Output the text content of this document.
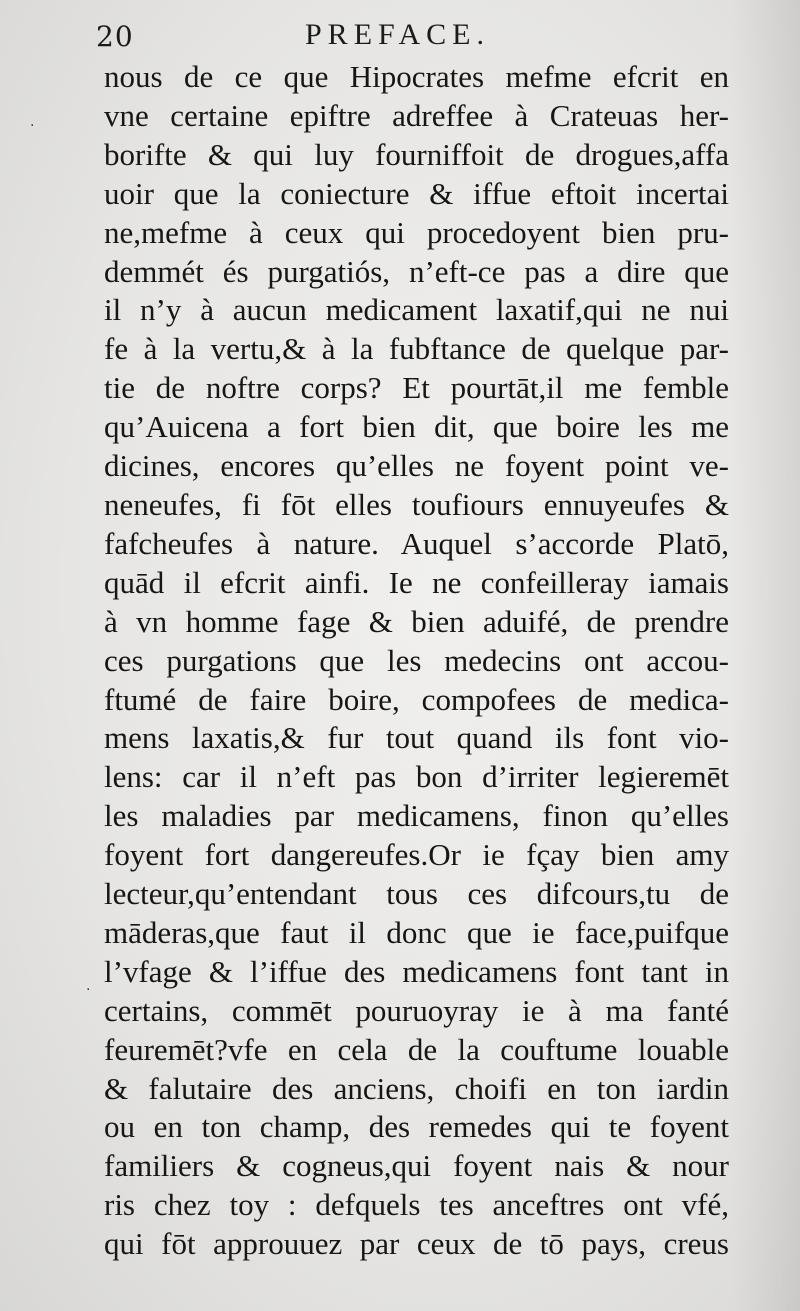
20	PREFACE.
·
·
nous de ce que Hipocrates mefme efcrit en
vne certaine epiftre adreffee à Crateuas her-
borifte & qui luy fourniffoit de drogues,affa
uoir que la coniecture & iffue eftoit incertai
ne,mefme à ceux qui procedoyent bien pru-
demmét és purgatiós, n’eft-ce pas a dire que
il n’y à aucun medicament laxatif,qui ne nui
fe à la vertu,& à la fubftance de quelque par-
tie de noftre corps? Et pourtāt,il me femble
qu’Auicena a fort bien dit, que boire les me
dicines, encores qu’elles ne foyent point ve-
neneufes, fi fōt elles toufiours ennuyeufes &
fafcheufes à nature. Auquel s’accorde Platō,
quād il efcrit ainfi. Ie ne confeilleray iamais
à vn homme fage & bien aduifé, de prendre
ces purgations que les medecins ont accou-
ftumé de faire boire, compofees de medica-
mens laxatis,& fur tout quand ils font vio-
lens: car il n’eft pas bon d’irriter legieremēt
les maladies par medicamens, finon qu’elles
foyent fort dangereufes.Or ie fçay bien amy
lecteur,qu’entendant tous ces difcours,tu de
māderas,que faut il donc que ie face,puifque
l’vfage & l’iffue des medicamens font tant in
certains, commēt pouruoyray ie à ma fanté
feuremēt?vfe en cela de la couftume louable
& falutaire des anciens, choifi en ton iardin
ou en ton champ, des remedes qui te foyent
familiers & cogneus,qui foyent nais & nour
ris chez toy : defquels tes anceftres ont vfé,
qui fōt approuuez par ceux de tō pays, creus
